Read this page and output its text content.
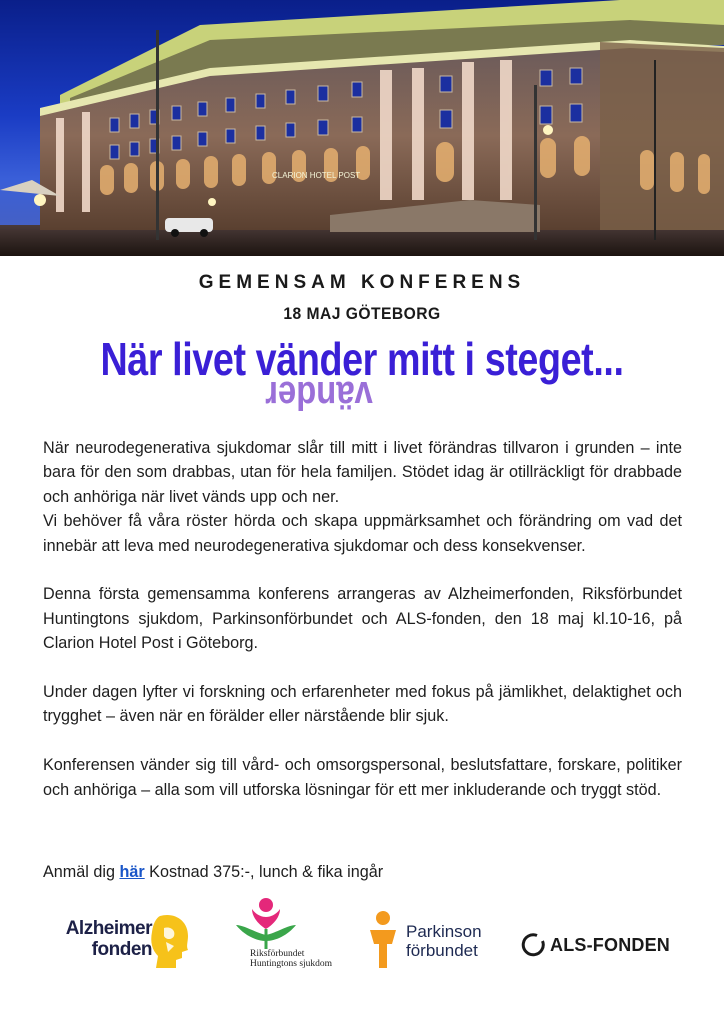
CLARION HOTEL POST
GEMENSAM KONFERENS
18 MAJ GÖTEBORG
När livet vänder mitt i steget...
vänder

När neurodegenerativa sjukdomar slår till mitt i livet förändras tillvaron i grunden – inte bara för den som drabbas, utan för hela familjen. Stödet idag är otillräckligt för drabbade och anhöriga när livet vänds upp och ner.

Vi behöver få våra röster hörda och skapa uppmärksamhet och förändring om vad det innebär att leva med neurodegenerativa sjukdomar och dess konsekvenser.

Denna första gemensamma konferens arrangeras av Alzheimerfonden, Riksförbundet Huntingtons sjukdom, Parkinsonförbundet och ALS-fonden, den 18 maj kl.10-16, på Clarion Hotel Post i Göteborg.

Under dagen lyfter vi forskning och erfarenheter med fokus på jämlikhet, delaktighet och trygghet – även när en förälder eller närstående blir sjuk.

Konferensen vänder sig till vård- och omsorgspersonal, beslutsfattare, forskare, politiker och anhöriga – alla som vill utforska lösningar för ett mer inkluderande och tryggt stöd.

Anmäl dig här Kostnad 375:-, lunch & fika ingår
Alzheimer
fonden	Riksförbundet
Huntingtons sjukdom
Parkinson
förbundet	ALS-FONDEN
